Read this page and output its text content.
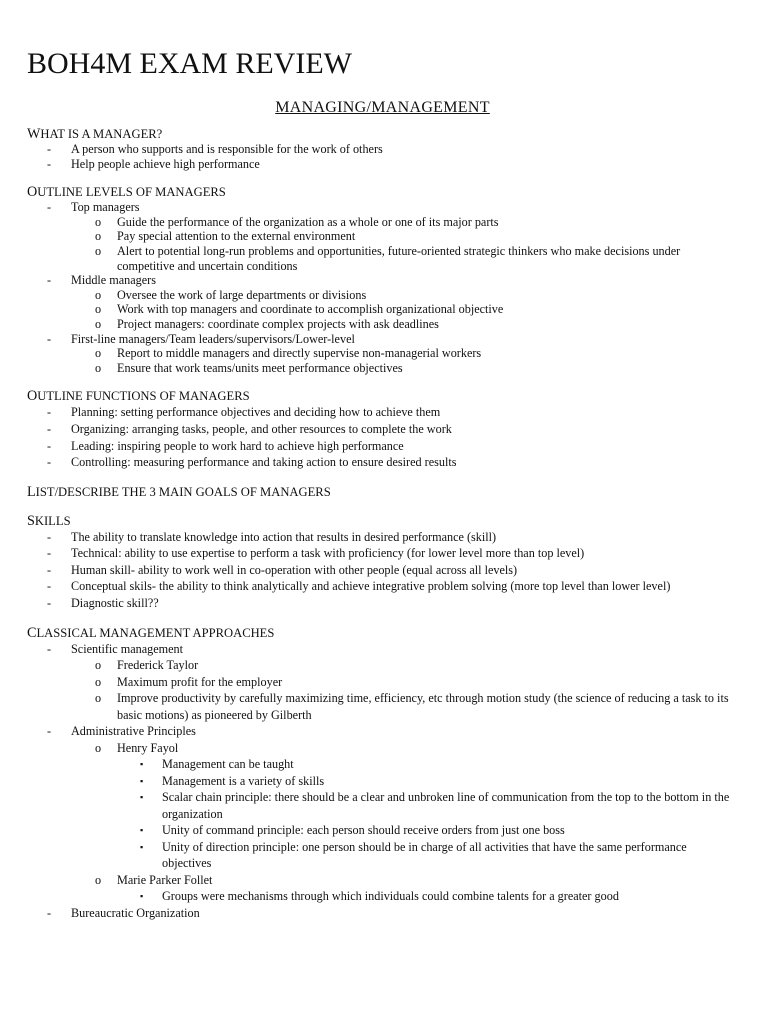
BOH4M EXAM REVIEW
MANAGING/MANAGEMENT

WHAT IS A MANAGER?

- A person who supports and is responsible for the work of others
- Help people achieve high performance

OUTLINE LEVELS OF MANAGERS

- Top managers
o Guide the performance of the organization as a whole or one of its major parts
o Pay special attention to the external environment
o Alert to potential long-run problems and opportunities, future-oriented strategic thinkers who make decisions under competitive and uncertain conditions
- Middle managers
o Oversee the work of large departments or divisions
o Work with top managers and coordinate to accomplish organizational objective
o Project managers: coordinate complex projects with ask deadlines
- First-line managers/Team leaders/supervisors/Lower-level
o Report to middle managers and directly supervise non-managerial workers
o Ensure that work teams/units meet performance objectives

OUTLINE FUNCTIONS OF MANAGERS

- Planning: setting performance objectives and deciding how to achieve them
- Organizing: arranging tasks, people, and other resources to complete the work
- Leading: inspiring people to work hard to achieve high performance
- Controlling: measuring performance and taking action to ensure desired results

LIST/DESCRIBE THE 3 MAIN GOALS OF MANAGERS

SKILLS

- The ability to translate knowledge into action that results in desired performance (skill)
- Technical: ability to use expertise to perform a task with proficiency (for lower level more than top level)
- Human skill- ability to work well in co-operation with other people (equal across all levels)
- Conceptual skils- the ability to think analytically and achieve integrative problem solving (more top level than lower level)
- Diagnostic skill??

CLASSICAL MANAGEMENT APPROACHES

- Scientific management
o Frederick Taylor
o Maximum profit for the employer
o Improve productivity by carefully maximizing time, efficiency, etc through motion study (the science of reducing a task to its basic motions) as pioneered by Gilberth
- Administrative Principles
o Henry Fayol
▪ Management can be taught
▪ Management is a variety of skills
▪ Scalar chain principle: there should be a clear and unbroken line of communication from the top to the bottom in the organization
▪ Unity of command principle: each person should receive orders from just one boss
▪ Unity of direction principle: one person should be in charge of all activities that have the same performance objectives
o Marie Parker Follet
▪ Groups were mechanisms through which individuals could combine talents for a greater good
- Bureaucratic Organization
